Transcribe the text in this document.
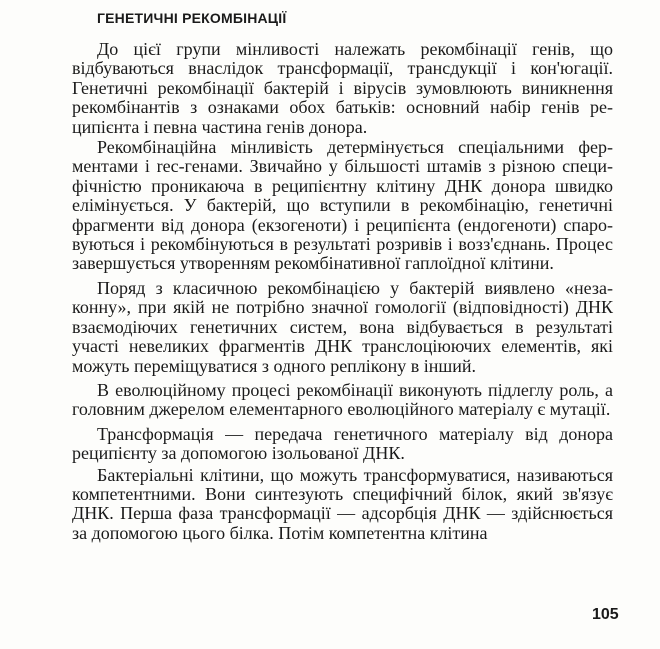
ГЕНЕТИЧНІ РЕКОМБІНАЦІЇ

До цієї групи мінливості належать рекомбінації генів, що відбуваються внаслідок трансформації, трансдукції і кон'югації. Генетичні рекомбінації бактерій і вірусів зумовлюють виникнення рекомбінантів з ознаками обох батьків: основний набір генів реципієнта і певна частина генів донора.

Рекомбінаційна мінливість детермінується спеціальними ферментами і rec-генами. Звичайно у більшості штамів з різною специфічністю проникаюча в реципієнтну клітину ДНК донора швидко елімінується. У бактерій, що вступили в рекомбінацію, генетичні фрагменти від донора (екзогеноти) і реципієнта (ендогеноти) спаровуються і рекомбінуються в результаті розривів і возз'єднань. Процес завершується утворенням рекомбінативної гаплоїдної клітини.

Поряд з класичною рекомбінацією у бактерій виявлено «незаконну», при якій не потрібно значної гомології (відповідності) ДНК взаємодіючих генетичних систем, вона відбувається в результаті участі невеликих фрагментів ДНК транслоціюючих елементів, які можуть переміщуватися з одного реплікону в інший.

В еволюційному процесі рекомбінації виконують підлеглу роль, а головним джерелом елементарного еволюційного матеріалу є мутації.

Трансформація — передача генетичного матеріалу від донора реципієнту за допомогою ізольованої ДНК.

Бактеріальні клітини, що можуть трансформуватися, називаються компетентними. Вони синтезують специфічний білок, який зв'язує ДНК. Перша фаза трансформації — адсорбція ДНК — здійснюється за допомогою цього білка. Потім компетентна клітина

105
